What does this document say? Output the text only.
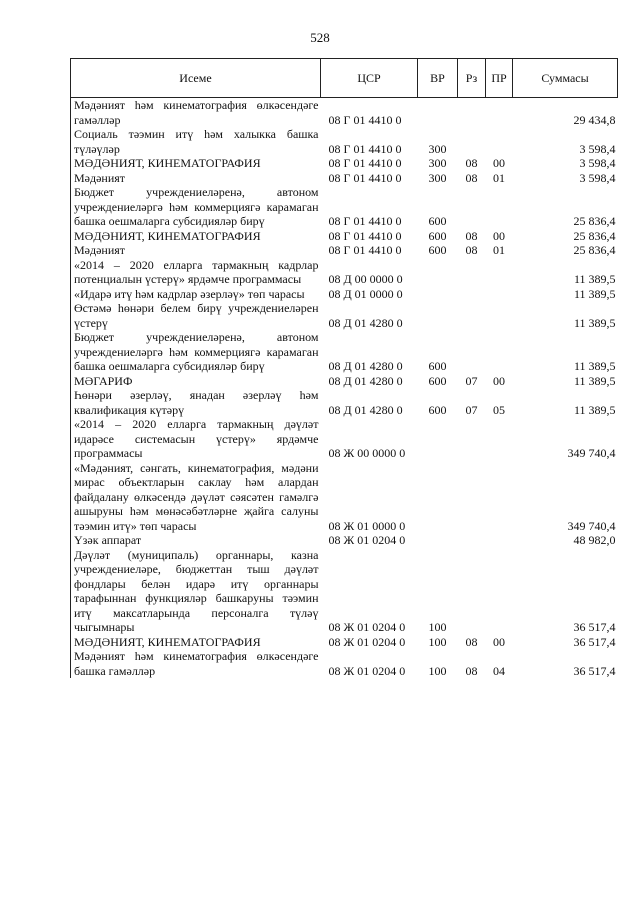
528
Исеме	ЦСР	ВР	Рз	ПР	Суммасы
Мәдәният һәм кинематография өлкәсендәге гамәлләр	08 Г 01 4410 0				29 434,8
Социаль тәэмин итү һәм халыкка башка түләүләр	08 Г 01 4410 0	300			3 598,4
МӘДӘНИЯТ, КИНЕМАТОГРАФИЯ	08 Г 01 4410 0	300	08	00	3 598,4
Мәдәният	08 Г 01 4410 0	300	08	01	3 598,4
Бюджет учреждениеләренә, автоном учреждениеләргә һәм коммерциягә карамаган башка оешмаларга субсидияләр бирү	08 Г 01 4410 0	600			25 836,4
МӘДӘНИЯТ, КИНЕМАТОГРАФИЯ	08 Г 01 4410 0	600	08	00	25 836,4
Мәдәният	08 Г 01 4410 0	600	08	01	25 836,4
«2014 – 2020 елларга тармакның кадрлар потенциалын үстерү» ярдәмче программасы	08 Д 00 0000 0				11 389,5
«Идарә итү һәм кадрлар әзерләү» төп чарасы	08 Д 01 0000 0				11 389,5
Өстәмә һөнәри белем бирү учреждениеләрен үстерү	08 Д 01 4280 0				11 389,5
Бюджет учреждениеләренә, автоном учреждениеләргә һәм коммерциягә карамаган башка оешмаларга субсидияләр бирү	08 Д 01 4280 0	600			11 389,5
МӘГАРИФ	08 Д 01 4280 0	600	07	00	11 389,5
Һөнәри әзерләү, янадан әзерләү һәм квалификация күтәрү	08 Д 01 4280 0	600	07	05	11 389,5
«2014 – 2020 елларга тармакның дәүләт идарәсе системасын үстерү» ярдәмче программасы	08 Ж 00 0000 0				349 740,4
«Мәдәният, сәнгать, кинематография, мәдәни мирас объектларын саклау һәм алардан файдалану өлкәсендә дәүләт сәясәтен гамәлгә ашыруны һәм мөнәсәбәтләрне җайга салуны тәэмин итү» төп чарасы	08 Ж 01 0000 0				349 740,4
Үзәк аппарат	08 Ж 01 0204 0				48 982,0
Дәүләт (муниципаль) органнары, казна учреждениеләре, бюджеттан тыш дәүләт фондлары белән идарә итү органнары тарафыннан функцияләр башкаруны тәэмин итү максатларында персоналга түләү чыгымнары	08 Ж 01 0204 0	100			36 517,4
МӘДӘНИЯТ, КИНЕМАТОГРАФИЯ	08 Ж 01 0204 0	100	08	00	36 517,4
Мәдәният һәм кинематография өлкәсендәге башка гамәлләр	08 Ж 01 0204 0	100	08	04	36 517,4
